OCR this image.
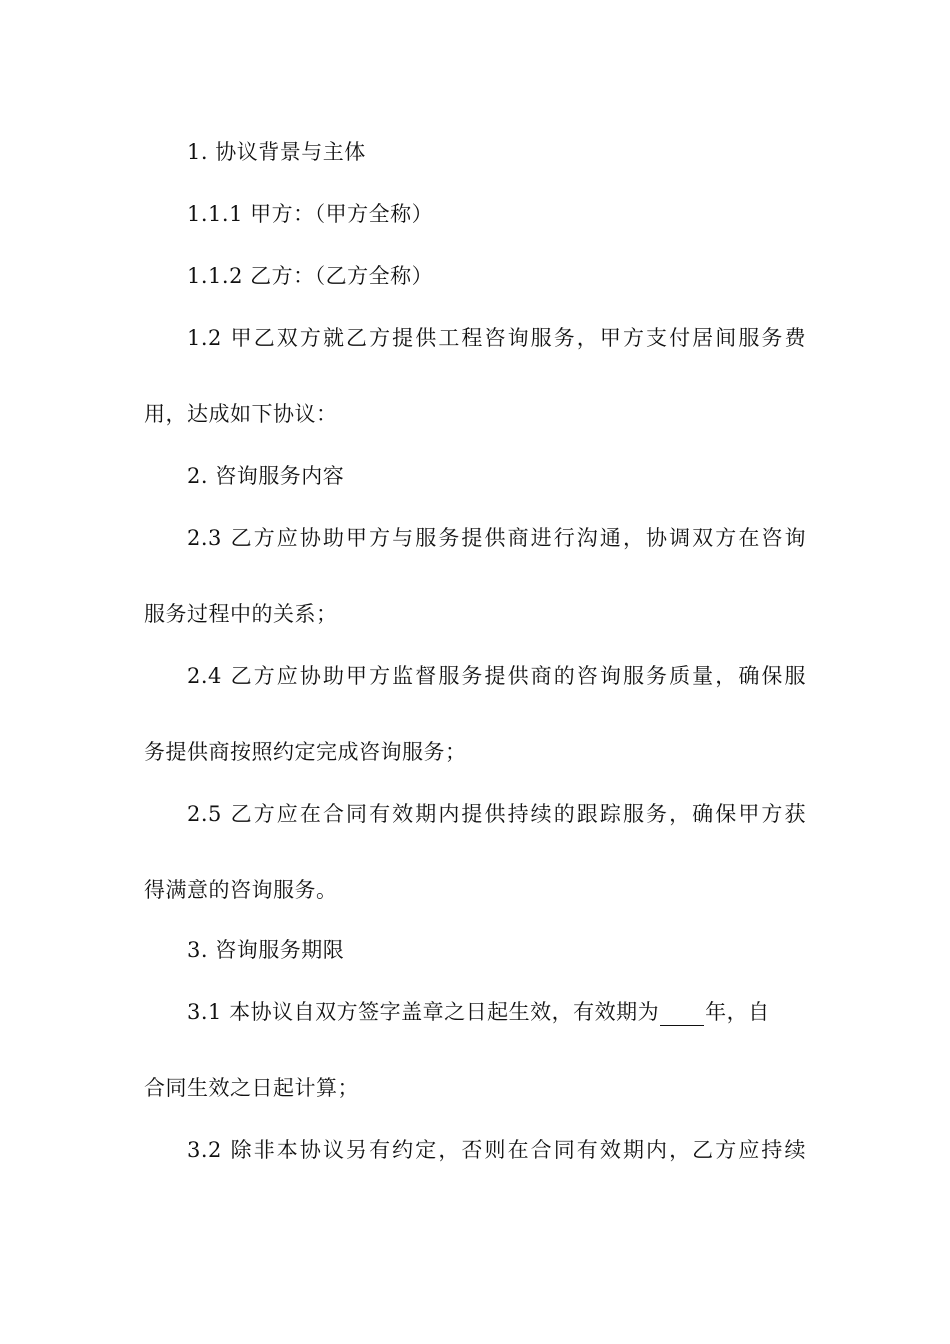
1. 协议背景与主体
1.1.1 甲方：（甲方全称）
1.1.2 乙方：（乙方全称）
1.2 甲乙双方就乙方提供工程咨询服务，甲方支付居间服务费
用，达成如下协议：
2. 咨询服务内容
2.3 乙方应协助甲方与服务提供商进行沟通，协调双方在咨询
服务过程中的关系；
2.4 乙方应协助甲方监督服务提供商的咨询服务质量，确保服
务提供商按照约定完成咨询服务；
2.5 乙方应在合同有效期内提供持续的跟踪服务，确保甲方获
得满意的咨询服务。
3. 咨询服务期限
3.1 本协议自双方签字盖章之日起生效，有效期为 年，自
合同生效之日起计算；
3.2 除非本协议另有约定，否则在合同有效期内，乙方应持续
